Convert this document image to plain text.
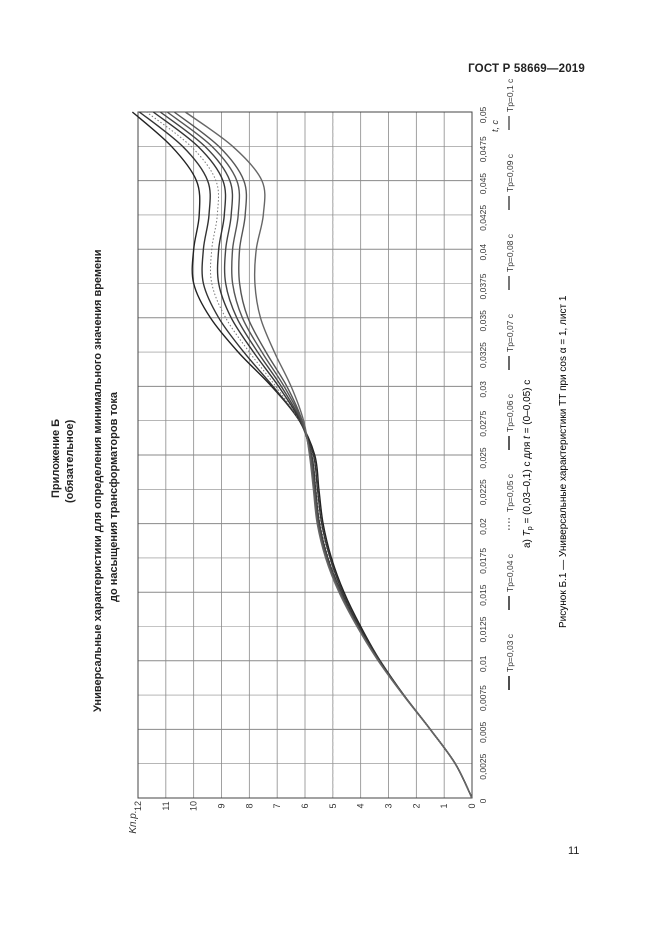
ГОСТ Р 58669—2019
Приложение Б (обязательное) Универсальные характеристики для определения минимального значения времени до насыщения трансформаторов тока
0
0,0025
0,005
0,0075
0,01
0,0125
0,015
0,0175
0,02
0,0225
0,025
0,0275
0,03
0,0325
0,035
0,0375
0,04
0,0425
0,045
0,0475
0,05
0
1
2
3
4
5
6
7
8
9
10
11
12
t, c
Kп.р.
Tр=0,03 с
Tр=0,04 с
Tр=0,05 с
Tр=0,06 с
Tр=0,07 с
Tр=0,08 с
Tр=0,09 с
Tр=0,1 с
а) $T_р = (0,03-0,1)$ с для t = (0–0,05) с	Рисунок Б.1 — Универсальные характеристики ТТ при cos α = 1, лист 1
11
